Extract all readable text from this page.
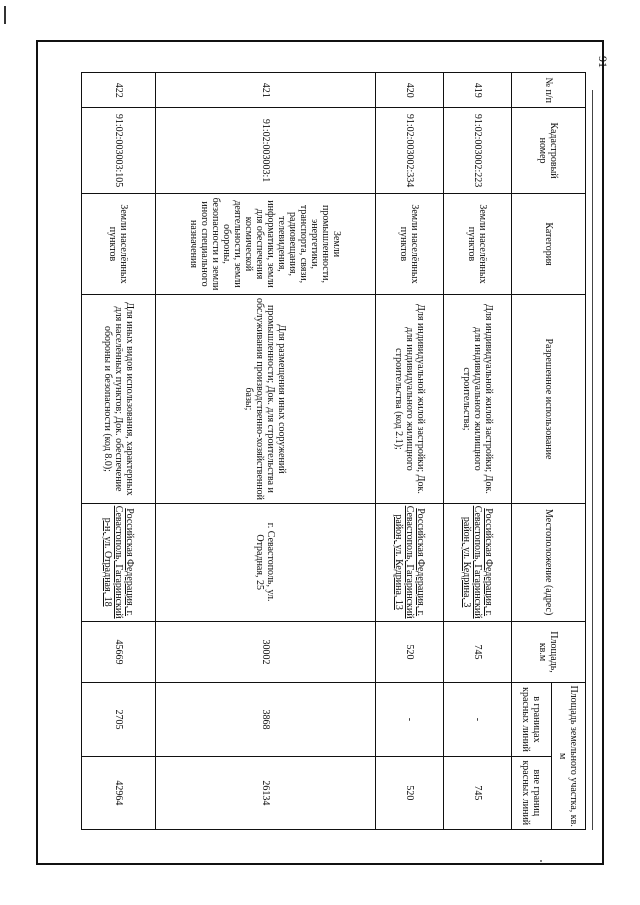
91
№ п/п	Кадастровый номер	Категория	Разрешенное использование	Местоположение (адрес)	Площадь, кв.м	Площадь земельного участка, кв. м	
						в границах красных линий	вне границ красных линий
419	91:02:003002:223	Земли населённых пунктов	Для индивидуальной жилой застройки; Док. для индивидуального жилищного строительства;	Российская Федерация, г. Севастополь, Гагаринский район, ул. Кедрина, 3	745	-	745
420	91:02:003002:334	Земли населённых пунктов	Для индивидуальной жилой застройки; Док. для индивидуального жилищного строительства (код 2.1);	Российская Федерация, г. Севастополь, Гагаринский район, ул. Кедрина, 13	520	-	520
421	91:02:003003:1	Земли промышленности, энергетики, транспорта, связи, радиовещания, телевидения, информатики, земли для обеспечения космической деятельности, земли обороны, безопасности и земли иного специального назначения	Для размещения иных сооружений промышленности; Док. для строительства и обслуживания производственно-хозяйственной базы;	г. Севастополь, ул. Отрадная, 25	30002	3868	26134
422	91:02:003003:105	Земли населённых пунктов	Для иных видов использования, характерных для населённых пунктов; Док. обеспечение обороны и безопасности (код 8.0);	Российская Федерация, г. Севастополь, Гагаринский р-н, ул. Отрадная, 18	45669	2705	42964
